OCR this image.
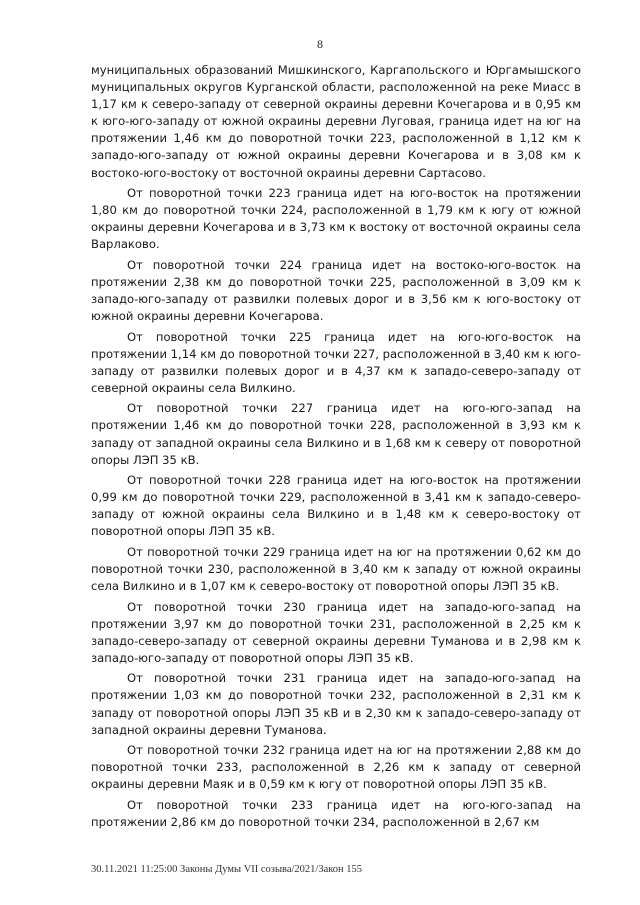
8

муниципальных образований Мишкинского, Каргапольского и Юргамышского муниципальных округов Курганской области, расположенной на реке Миасс в 1,17 км к северо-западу от северной окраины деревни Кочегарова и в 0,95 км к юго-юго-западу от южной окраины деревни Луговая, граница идет на юг на протяжении 1,46 км до поворотной точки 223, расположенной в 1,12 км к западо-юго-западу от южной окраины деревни Кочегарова и в 3,08 км к востоко-юго-востоку от восточной окраины деревни Сартасово.

От поворотной точки 223 граница идет на юго-восток на протяжении 1,80 км до поворотной точки 224, расположенной в 1,79 км к югу от южной окраины деревни Кочегарова и в 3,73 км к востоку от восточной окраины села Варлаково.

От поворотной точки 224 граница идет на востоко-юго-восток на протяжении 2,38 км до поворотной точки 225, расположенной в 3,09 км к западо-юго-западу от развилки полевых дорог и в 3,56 км к юго-востоку от южной окраины деревни Кочегарова.

От поворотной точки 225 граница идет на юго-юго-восток на протяжении 1,14 км до поворотной точки 227, расположенной в 3,40 км к юго-западу от развилки полевых дорог и в 4,37 км к западо-северо-западу от северной окраины села Вилкино.

От поворотной точки 227 граница идет на юго-юго-запад на протяжении 1,46 км до поворотной точки 228, расположенной в 3,93 км к западу от западной окраины села Вилкино и в 1,68 км к северу от поворотной опоры ЛЭП 35 кВ.

От поворотной точки 228 граница идет на юго-восток на протяжении 0,99 км до поворотной точки 229, расположенной в 3,41 км к западо-северо-западу от южной окраины села Вилкино и в 1,48 км к северо-востоку от поворотной опоры ЛЭП 35 кВ.

От поворотной точки 229 граница идет на юг на протяжении 0,62 км до поворотной точки 230, расположенной в 3,40 км к западу от южной окраины села Вилкино и в 1,07 км к северо-востоку от поворотной опоры ЛЭП 35 кВ.

От поворотной точки 230 граница идет на западо-юго-запад на протяжении 3,97 км до поворотной точки 231, расположенной в 2,25 км к западо-северо-западу от северной окраины деревни Туманова и в 2,98 км к западо-юго-западу от поворотной опоры ЛЭП 35 кВ.

От поворотной точки 231 граница идет на западо-юго-запад на протяжении 1,03 км до поворотной точки 232, расположенной в 2,31 км к западу от поворотной опоры ЛЭП 35 кВ и в 2,30 км к западо-северо-западу от западной окраины деревни Туманова.

От поворотной точки 232 граница идет на юг на протяжении 2,88 км до поворотной точки 233, расположенной в 2,26 км к западу от северной окраины деревни Маяк и в 0,59 км к югу от поворотной опоры ЛЭП 35 кВ.

От поворотной точки 233 граница идет на юго-юго-запад на протяжении 2,86 км до поворотной точки 234, расположенной в 2,67 км

30.11.2021 11:25:00 Законы Думы VII созыва/2021/Закон 155
